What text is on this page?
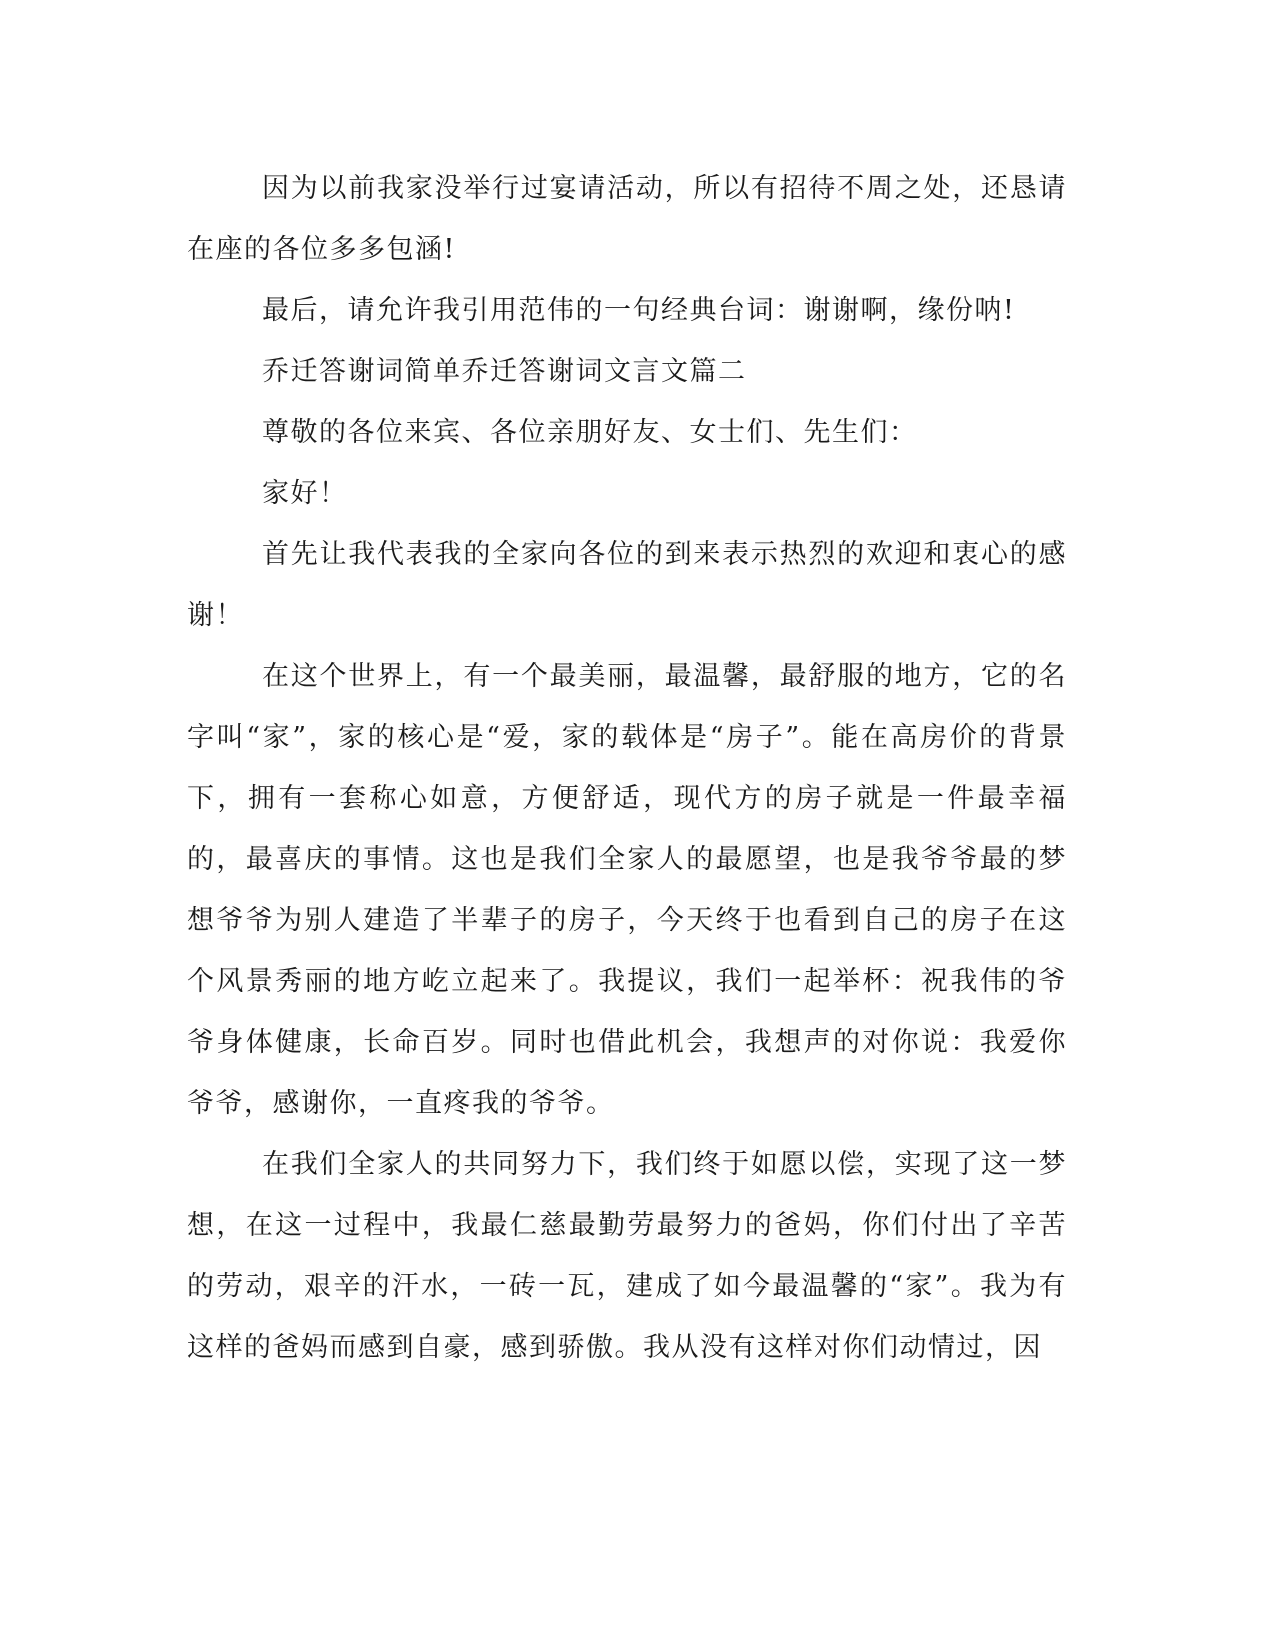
因为以前我家没举行过宴请活动，所以有招待不周之处，还恳请在座的各位多多包涵!

最后，请允许我引用范伟的一句经典台词：谢谢啊，缘份呐!

乔迁答谢词简单乔迁答谢词文言文篇二

尊敬的各位来宾、各位亲朋好友、女士们、先生们：

家好！

首先让我代表我的全家向各位的到来表示热烈的欢迎和衷心的感谢！

在这个世界上，有一个最美丽，最温馨，最舒服的地方，它的名字叫“家”，家的核心是“爱，家的载体是“房子”。能在高房价的背景下，拥有一套称心如意，方便舒适，现代方的房子就是一件最幸福的，最喜庆的事情。这也是我们全家人的最愿望，也是我爷爷最的梦想爷爷为别人建造了半辈子的房子，今天终于也看到自己的房子在这个风景秀丽的地方屹立起来了。我提议，我们一起举杯：祝我伟的爷爷身体健康，长命百岁。同时也借此机会，我想声的对你说：我爱你爷爷，感谢你，一直疼我的爷爷。

在我们全家人的共同努力下，我们终于如愿以偿，实现了这一梦想，在这一过程中，我最仁慈最勤劳最努力的爸妈，你们付出了辛苦的劳动，艰辛的汗水，一砖一瓦，建成了如今最温馨的“家”。我为有这样的爸妈而感到自豪，感到骄傲。我从没有这样对你们动情过，因
